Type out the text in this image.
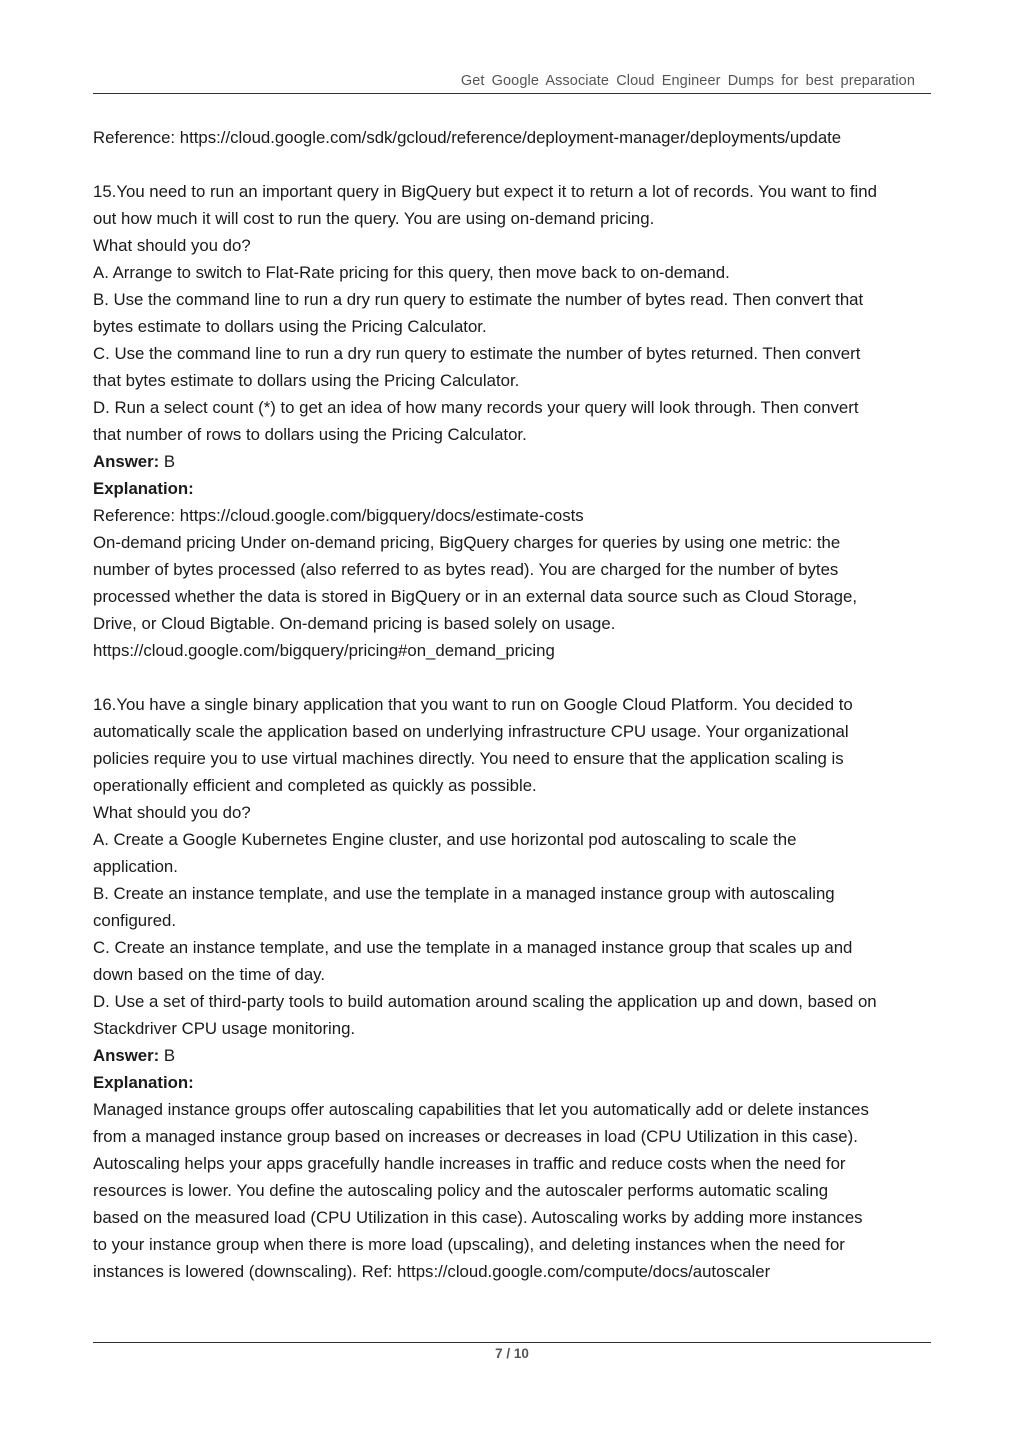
Get Google Associate Cloud Engineer Dumps for best preparation
Reference: https://cloud.google.com/sdk/gcloud/reference/deployment-manager/deployments/update
15.You need to run an important query in BigQuery but expect it to return a lot of records. You want to find
out how much it will cost to run the query. You are using on-demand pricing.
What should you do?
A. Arrange to switch to Flat-Rate pricing for this query, then move back to on-demand.
B. Use the command line to run a dry run query to estimate the number of bytes read. Then convert that
bytes estimate to dollars using the Pricing Calculator.
C. Use the command line to run a dry run query to estimate the number of bytes returned. Then convert
that bytes estimate to dollars using the Pricing Calculator.
D. Run a select count (*) to get an idea of how many records your query will look through. Then convert
that number of rows to dollars using the Pricing Calculator.
Answer: B
Explanation:
Reference: https://cloud.google.com/bigquery/docs/estimate-costs
On-demand pricing Under on-demand pricing, BigQuery charges for queries by using one metric: the
number of bytes processed (also referred to as bytes read). You are charged for the number of bytes
processed whether the data is stored in BigQuery or in an external data source such as Cloud Storage,
Drive, or Cloud Bigtable. On-demand pricing is based solely on usage.
https://cloud.google.com/bigquery/pricing#on_demand_pricing
16.You have a single binary application that you want to run on Google Cloud Platform. You decided to
automatically scale the application based on underlying infrastructure CPU usage. Your organizational
policies require you to use virtual machines directly. You need to ensure that the application scaling is
operationally efficient and completed as quickly as possible.
What should you do?
A. Create a Google Kubernetes Engine cluster, and use horizontal pod autoscaling to scale the
application.
B. Create an instance template, and use the template in a managed instance group with autoscaling
configured.
C. Create an instance template, and use the template in a managed instance group that scales up and
down based on the time of day.
D. Use a set of third-party tools to build automation around scaling the application up and down, based on
Stackdriver CPU usage monitoring.
Answer: B
Explanation:
Managed instance groups offer autoscaling capabilities that let you automatically add or delete instances
from a managed instance group based on increases or decreases in load (CPU Utilization in this case).
Autoscaling helps your apps gracefully handle increases in traffic and reduce costs when the need for
resources is lower. You define the autoscaling policy and the autoscaler performs automatic scaling
based on the measured load (CPU Utilization in this case). Autoscaling works by adding more instances
to your instance group when there is more load (upscaling), and deleting instances when the need for
instances is lowered (downscaling). Ref: https://cloud.google.com/compute/docs/autoscaler
7 / 10
